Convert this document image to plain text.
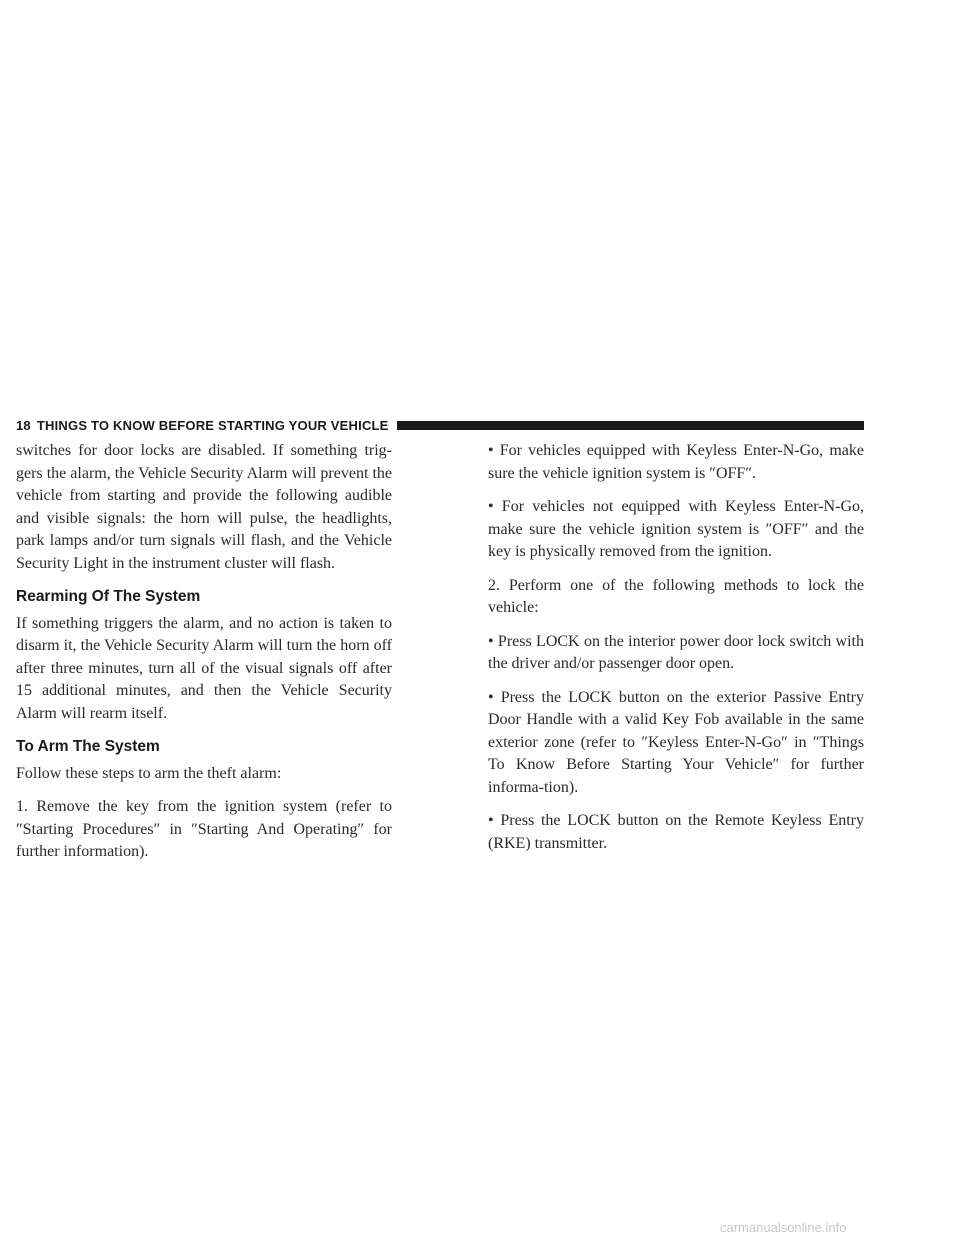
18 THINGS TO KNOW BEFORE STARTING YOUR VEHICLE

switches for door locks are disabled. If something trig-gers the alarm, the Vehicle Security Alarm will prevent the vehicle from starting and provide the following audible and visible signals: the horn will pulse, the headlights, park lamps and/or turn signals will flash, and the Vehicle Security Light in the instrument cluster will flash.

Rearming Of The System

If something triggers the alarm, and no action is taken to disarm it, the Vehicle Security Alarm will turn the horn off after three minutes, turn all of the visual signals off after 15 additional minutes, and then the Vehicle Security Alarm will rearm itself.

To Arm The System

Follow these steps to arm the theft alarm:

1. Remove the key from the ignition system (refer to ″Starting Procedures″ in ″Starting And Operating″ for further information).

• For vehicles equipped with Keyless Enter-N-Go, make sure the vehicle ignition system is ″OFF″.

• For vehicles not equipped with Keyless Enter-N-Go, make sure the vehicle ignition system is ″OFF″ and the key is physically removed from the ignition.

2. Perform one of the following methods to lock the vehicle:

• Press LOCK on the interior power door lock switch with the driver and/or passenger door open.

• Press the LOCK button on the exterior Passive Entry Door Handle with a valid Key Fob available in the same exterior zone (refer to ″Keyless Enter-N-Go″ in ″Things To Know Before Starting Your Vehicle″ for further informa-tion).

• Press the LOCK button on the Remote Keyless Entry (RKE) transmitter.

carmanualsonline.info
